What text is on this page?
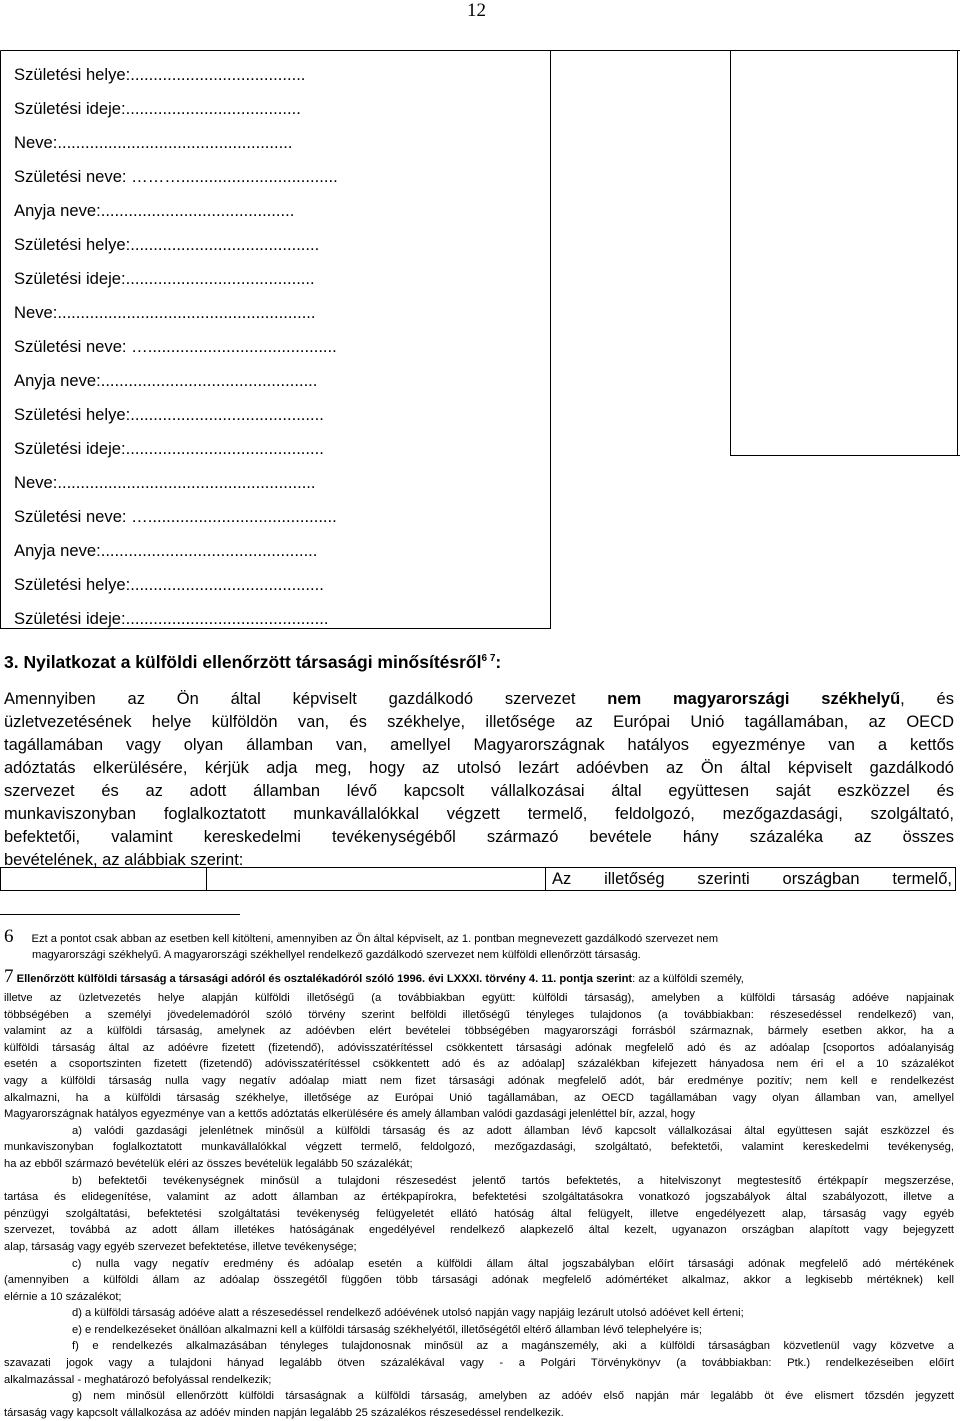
12
Születési helye:......................................
Születési ideje:......................................
Neve:...................................................
Születési neve: ………..................................
Anyja neve:..........................................
Születési helye:.........................................
Születési ideje:.........................................
Neve:........................................................
Születési neve: ….........................................
Anyja neve:...............................................
Születési helye:..........................................
Születési ideje:...........................................
Neve:........................................................
Születési neve: ….........................................
Anyja neve:...............................................
Születési helye:..........................................
Születési ideje:............................................
3. Nyilatkozat a külföldi ellenőrzött társasági minősítésről$^{6 7}$:
Amennyiben az Ön által képviselt gazdálkodó szervezet nem magyarországi székhelyű, és
üzletvezetésének helye külföldön van, és székhelye, illetősége az Európai Unió tagállamában, az OECD
tagállamában vagy olyan államban van, amellyel Magyarországnak hatályos egyezménye van a kettős
adóztatás elkerülésére, kérjük adja meg, hogy az utolsó lezárt adóévben az Ön által képviselt gazdálkodó
szervezet és az adott államban lévő kapcsolt vállalkozásai által együttesen saját eszközzel és
munkaviszonyban foglalkoztatott munkavállalókkal végzett termelő, feldolgozó, mezőgazdasági, szolgáltató,
befektetői, valamint kereskedelmi tevékenységéből származó bevétele hány százaléka az összes
bevételének, az alábbiak szerint:
Az illetőség szerinti országban termelő,
6 Ezt a pontot csak abban az esetben kell kitölteni, amennyiben az Ön által képviselt, az 1. pontban megnevezett gazdálkodó szervezet nem
magyarországi székhelyű. A magyarországi székhellyel rendelkező gazdálkodó szervezet nem külföldi ellenőrzött társaság.
7 Ellenőrzött külföldi társaság a társasági adóról és osztalékadóról szóló 1996. évi LXXXI. törvény 4. 11. pontja szerint: az a külföldi személy,
illetve az üzletvezetés helye alapján külföldi illetőségű (a továbbiakban együtt: külföldi társaság), amelyben a külföldi társaság adóéve napjainak
többségében a személyi jövedelemadóról szóló törvény szerint belföldi illetőségű tényleges tulajdonos (a továbbiakban: részesedéssel rendelkező) van,
valamint az a külföldi társaság, amelynek az adóévben elért bevételei többségében magyarországi forrásból származnak, bármely esetben akkor, ha a
külföldi társaság által az adóévre fizetett (fizetendő), adóvisszatérítéssel csökkentett társasági adónak megfelelő adó és az adóalap [csoportos adóalanyiság
esetén a csoportszinten fizetett (fizetendő) adóvisszatérítéssel csökkentett adó és az adóalap] százalékban kifejezett hányadosa nem éri el a 10 százalékot
vagy a külföldi társaság nulla vagy negatív adóalap miatt nem fizet társasági adónak megfelelő adót, bár eredménye pozitív; nem kell e rendelkezést
alkalmazni, ha a külföldi társaság székhelye, illetősége az Európai Unió tagállamában, az OECD tagállamában vagy olyan államban van, amellyel
Magyarországnak hatályos egyezménye van a kettős adóztatás elkerülésére és amely államban valódi gazdasági jelenléttel bír, azzal, hogy
a) valódi gazdasági jelenlétnek minősül a külföldi társaság és az adott államban lévő kapcsolt vállalkozásai által együttesen saját eszközzel és
munkaviszonyban foglalkoztatott munkavállalókkal végzett termelő, feldolgozó, mezőgazdasági, szolgáltató, befektetői, valamint kereskedelmi tevékenység,
ha az ebből származó bevételük eléri az összes bevételük legalább 50 százalékát;
b) befektetői tevékenységnek minősül a tulajdoni részesedést jelentő tartós befektetés, a hitelviszonyt megtestesítő értékpapír megszerzése,
tartása és elidegenítése, valamint az adott államban az értékpapírokra, befektetési szolgáltatásokra vonatkozó jogszabályok által szabályozott, illetve a
pénzügyi szolgáltatási, befektetési szolgáltatási tevékenység felügyeletét ellátó hatóság által felügyelt, illetve engedélyezett alap, társaság vagy egyéb
szervezet, továbbá az adott állam illetékes hatóságának engedélyével rendelkező alapkezelő által kezelt, ugyanazon országban alapított vagy bejegyzett
alap, társaság vagy egyéb szervezet befektetése, illetve tevékenysége;
c) nulla vagy negatív eredmény és adóalap esetén a külföldi állam által jogszabályban előírt társasági adónak megfelelő adó mértékének
(amennyiben a külföldi állam az adóalap összegétől függően több társasági adónak megfelelő adómértéket alkalmaz, akkor a legkisebb mértéknek) kell
elérnie a 10 százalékot;
d) a külföldi társaság adóéve alatt a részesedéssel rendelkező adóévének utolsó napján vagy napjáig lezárult utolsó adóévet kell érteni;
e) e rendelkezéseket önállóan alkalmazni kell a külföldi társaság székhelyétől, illetőségétől eltérő államban lévő telephelyére is;
f) e rendelkezés alkalmazásában tényleges tulajdonosnak minősül az a magánszemély, aki a külföldi társaságban közvetlenül vagy közvetve a
szavazati jogok vagy a tulajdoni hányad legalább ötven százalékával vagy - a Polgári Törvénykönyv (a továbbiakban: Ptk.) rendelkezéseiben előírt
alkalmazással - meghatározó befolyással rendelkezik;
g) nem minősül ellenőrzött külföldi társaságnak a külföldi társaság, amelyben az adóév első napján már legalább öt éve elismert tőzsdén jegyzett
társaság vagy kapcsolt vállalkozása az adóév minden napján legalább 25 százalékos részesedéssel rendelkezik.
